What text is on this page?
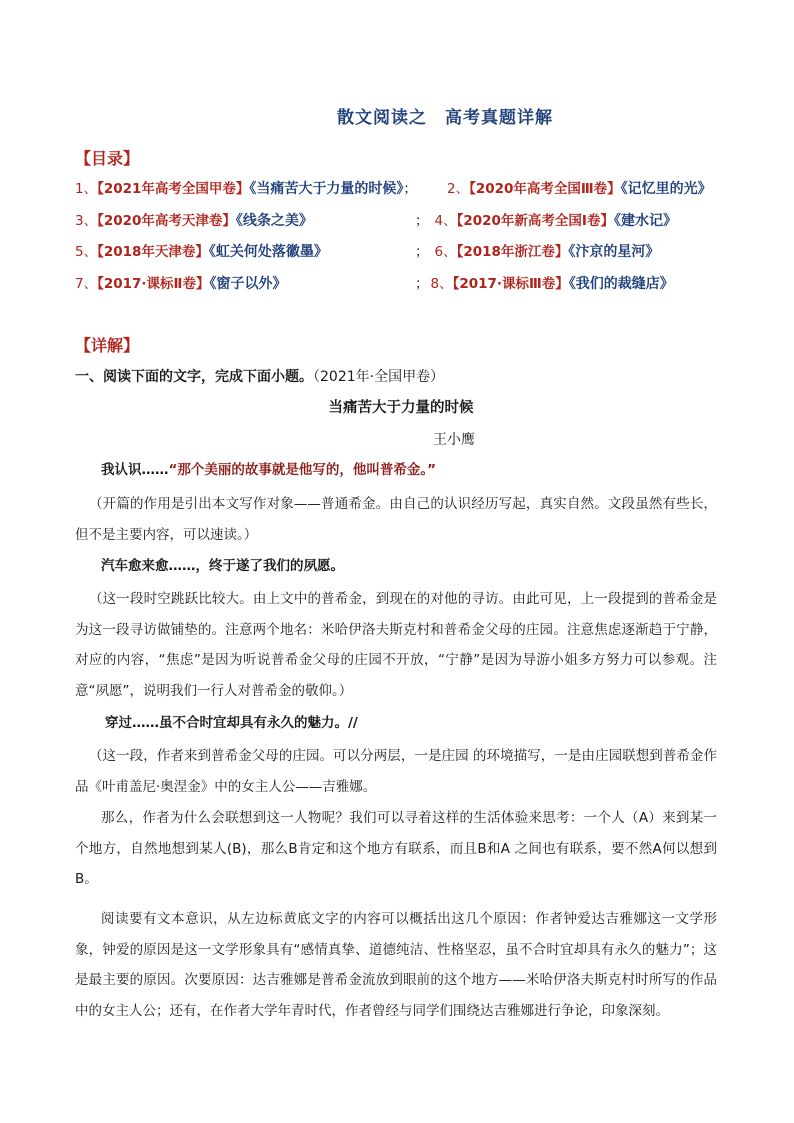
散文阅读之 高考真题详解
【目录】
1、【2021年高考全国甲卷】《当痛苦大于力量的时候》； 2、【2020年高考全国Ⅲ卷】《记忆里的光》
3、【2020年高考天津卷】《线条之美》	； 4、【2020年新高考全国Ⅰ卷】《建水记》
5、【2018年天津卷】《虹关何处落徽墨》	； 6、【2018年浙江卷】《汴京的星河》
7、【2017·课标Ⅱ卷】《窗子以外》	； 8、【2017·课标Ⅲ卷】《我们的裁缝店》
【详解】
一、阅读下面的文字，完成下面小题。（2021年·全国甲卷）
当痛苦大于力量的时候
王小鹰

我认识……“那个美丽的故事就是他写的，他叫普希金。”

（开篇的作用是引出本文写作对象——普通希金。由自己的认识经历写起，真实自然。文段虽然有些长，但不是主要内容，可以速读。）

汽车愈来愈……，终于遂了我们的夙愿。

（这一段时空跳跃比较大。由上文中的普希金，到现在的对他的寻访。由此可见，上一段提到的普希金是为这一段寻访做铺垫的。注意两个地名：米哈伊洛夫斯克村和普希金父母的庄园。注意焦虑逐渐趋于宁静，对应的内容，“焦虑”是因为听说普希金父母的庄园不开放，“宁静”是因为导游小姐多方努力可以参观。注意“夙愿”，说明我们一行人对普希金的敬仰。）

穿过……虽不合时宜却具有永久的魅力。//

（这一段，作者来到普希金父母的庄园。可以分两层，一是庄园 的环境描写，一是由庄园联想到普希金作品《叶甫盖尼·奥涅金》中的女主人公——吉雅娜。

那么，作者为什么会联想到这一人物呢？我们可以寻着这样的生活体验来思考：一个人（A）来到某一个地方，自然地想到某人(B)，那么B肯定和这个地方有联系，而且B和A 之间也有联系，要不然A何以想到B。

阅读要有文本意识，从左边标黄底文字的内容可以概括出这几个原因：作者钟爱达吉雅娜这一文学形象，钟爱的原因是这一文学形象具有“感情真挚、道德纯洁、性格坚忍，虽不合时宜却具有永久的魅力”；这是最主要的原因。次要原因：达吉雅娜是普希金流放到眼前的这个地方——米哈伊洛夫斯克村时所写的作品中的女主人公；还有，在作者大学年青时代，作者曾经与同学们围绕达吉雅娜进行争论，印象深刻。
